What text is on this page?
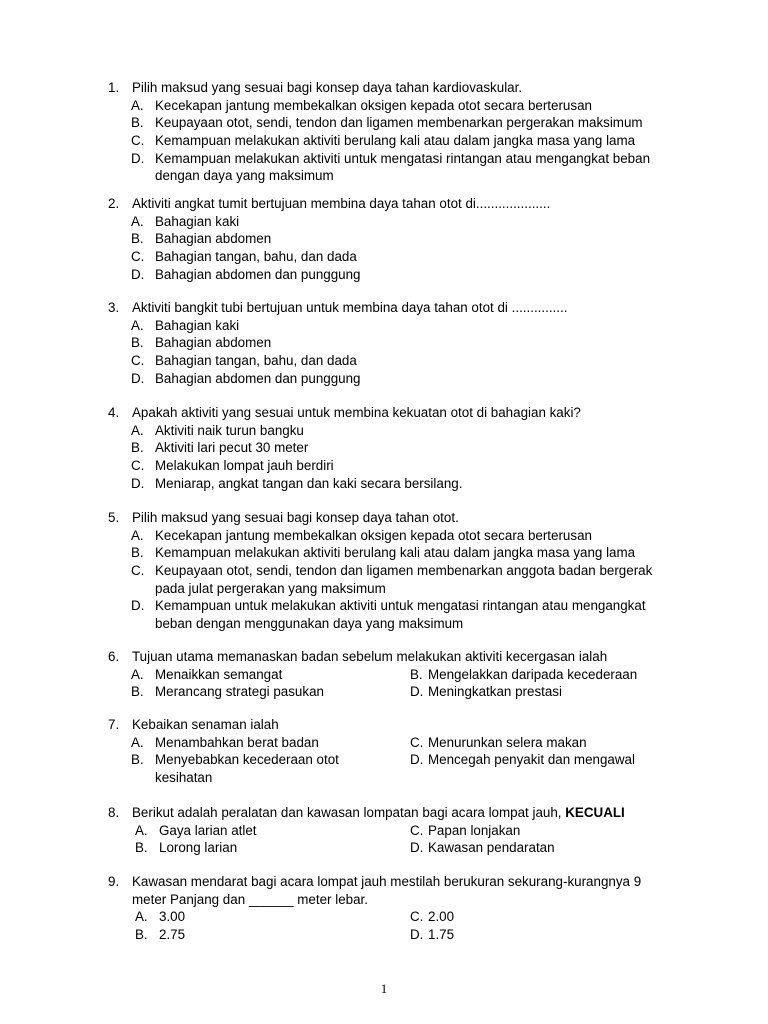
1. Pilih maksud yang sesuai bagi konsep daya tahan kardiovaskular.
A. Kecekapan jantung membekalkan oksigen kepada otot secara berterusan
B. Keupayaan otot, sendi, tendon dan ligamen membenarkan pergerakan maksimum
C. Kemampuan melakukan aktiviti berulang kali atau dalam jangka masa yang lama
D. Kemampuan melakukan aktiviti untuk mengatasi rintangan atau mengangkat beban
dengan daya yang maksimum
2. Aktiviti angkat tumit bertujuan membina daya tahan otot di....................
A. Bahagian kaki
B. Bahagian abdomen
C. Bahagian tangan, bahu, dan dada
D. Bahagian abdomen dan punggung
3. Aktiviti bangkit tubi bertujuan untuk membina daya tahan otot di ...............
A. Bahagian kaki
B. Bahagian abdomen
C. Bahagian tangan, bahu, dan dada
D. Bahagian abdomen dan punggung
4. Apakah aktiviti yang sesuai untuk membina kekuatan otot di bahagian kaki?
A. Aktiviti naik turun bangku
B. Aktiviti lari pecut 30 meter
C. Melakukan lompat jauh berdiri
D. Meniarap, angkat tangan dan kaki secara bersilang.
5. Pilih maksud yang sesuai bagi konsep daya tahan otot.
A. Kecekapan jantung membekalkan oksigen kepada otot secara berterusan
B. Kemampuan melakukan aktiviti berulang kali atau dalam jangka masa yang lama
C. Keupayaan otot, sendi, tendon dan ligamen membenarkan anggota badan bergerak
pada julat pergerakan yang maksimum
D. Kemampuan untuk melakukan aktiviti untuk mengatasi rintangan atau mengangkat
beban dengan menggunakan daya yang maksimum
6. Tujuan utama memanaskan badan sebelum melakukan aktiviti kecergasan ialah
A. Menaikkan semangat	B. Mengelakkan daripada kecederaan
B. Merancang strategi pasukan	D. Meningkatkan prestasi
7. Kebaikan senaman ialah
A. Menambahkan berat badan	C. Menurunkan selera makan
B. Menyebabkan kecederaan otot	D. Mencegah penyakit dan mengawal
kesihatan
8. Berikut adalah peralatan dan kawasan lompatan bagi acara lompat jauh, KECUALI
A. Gaya larian atlet	C. Papan lonjakan
B. Lorong larian	D. Kawasan pendaratan
9. Kawasan mendarat bagi acara lompat jauh mestilah berukuran sekurang-kurangnya 9
meter Panjang dan ______ meter lebar.
A. 3.00	C. 2.00
B. 2.75	D. 1.75
1
